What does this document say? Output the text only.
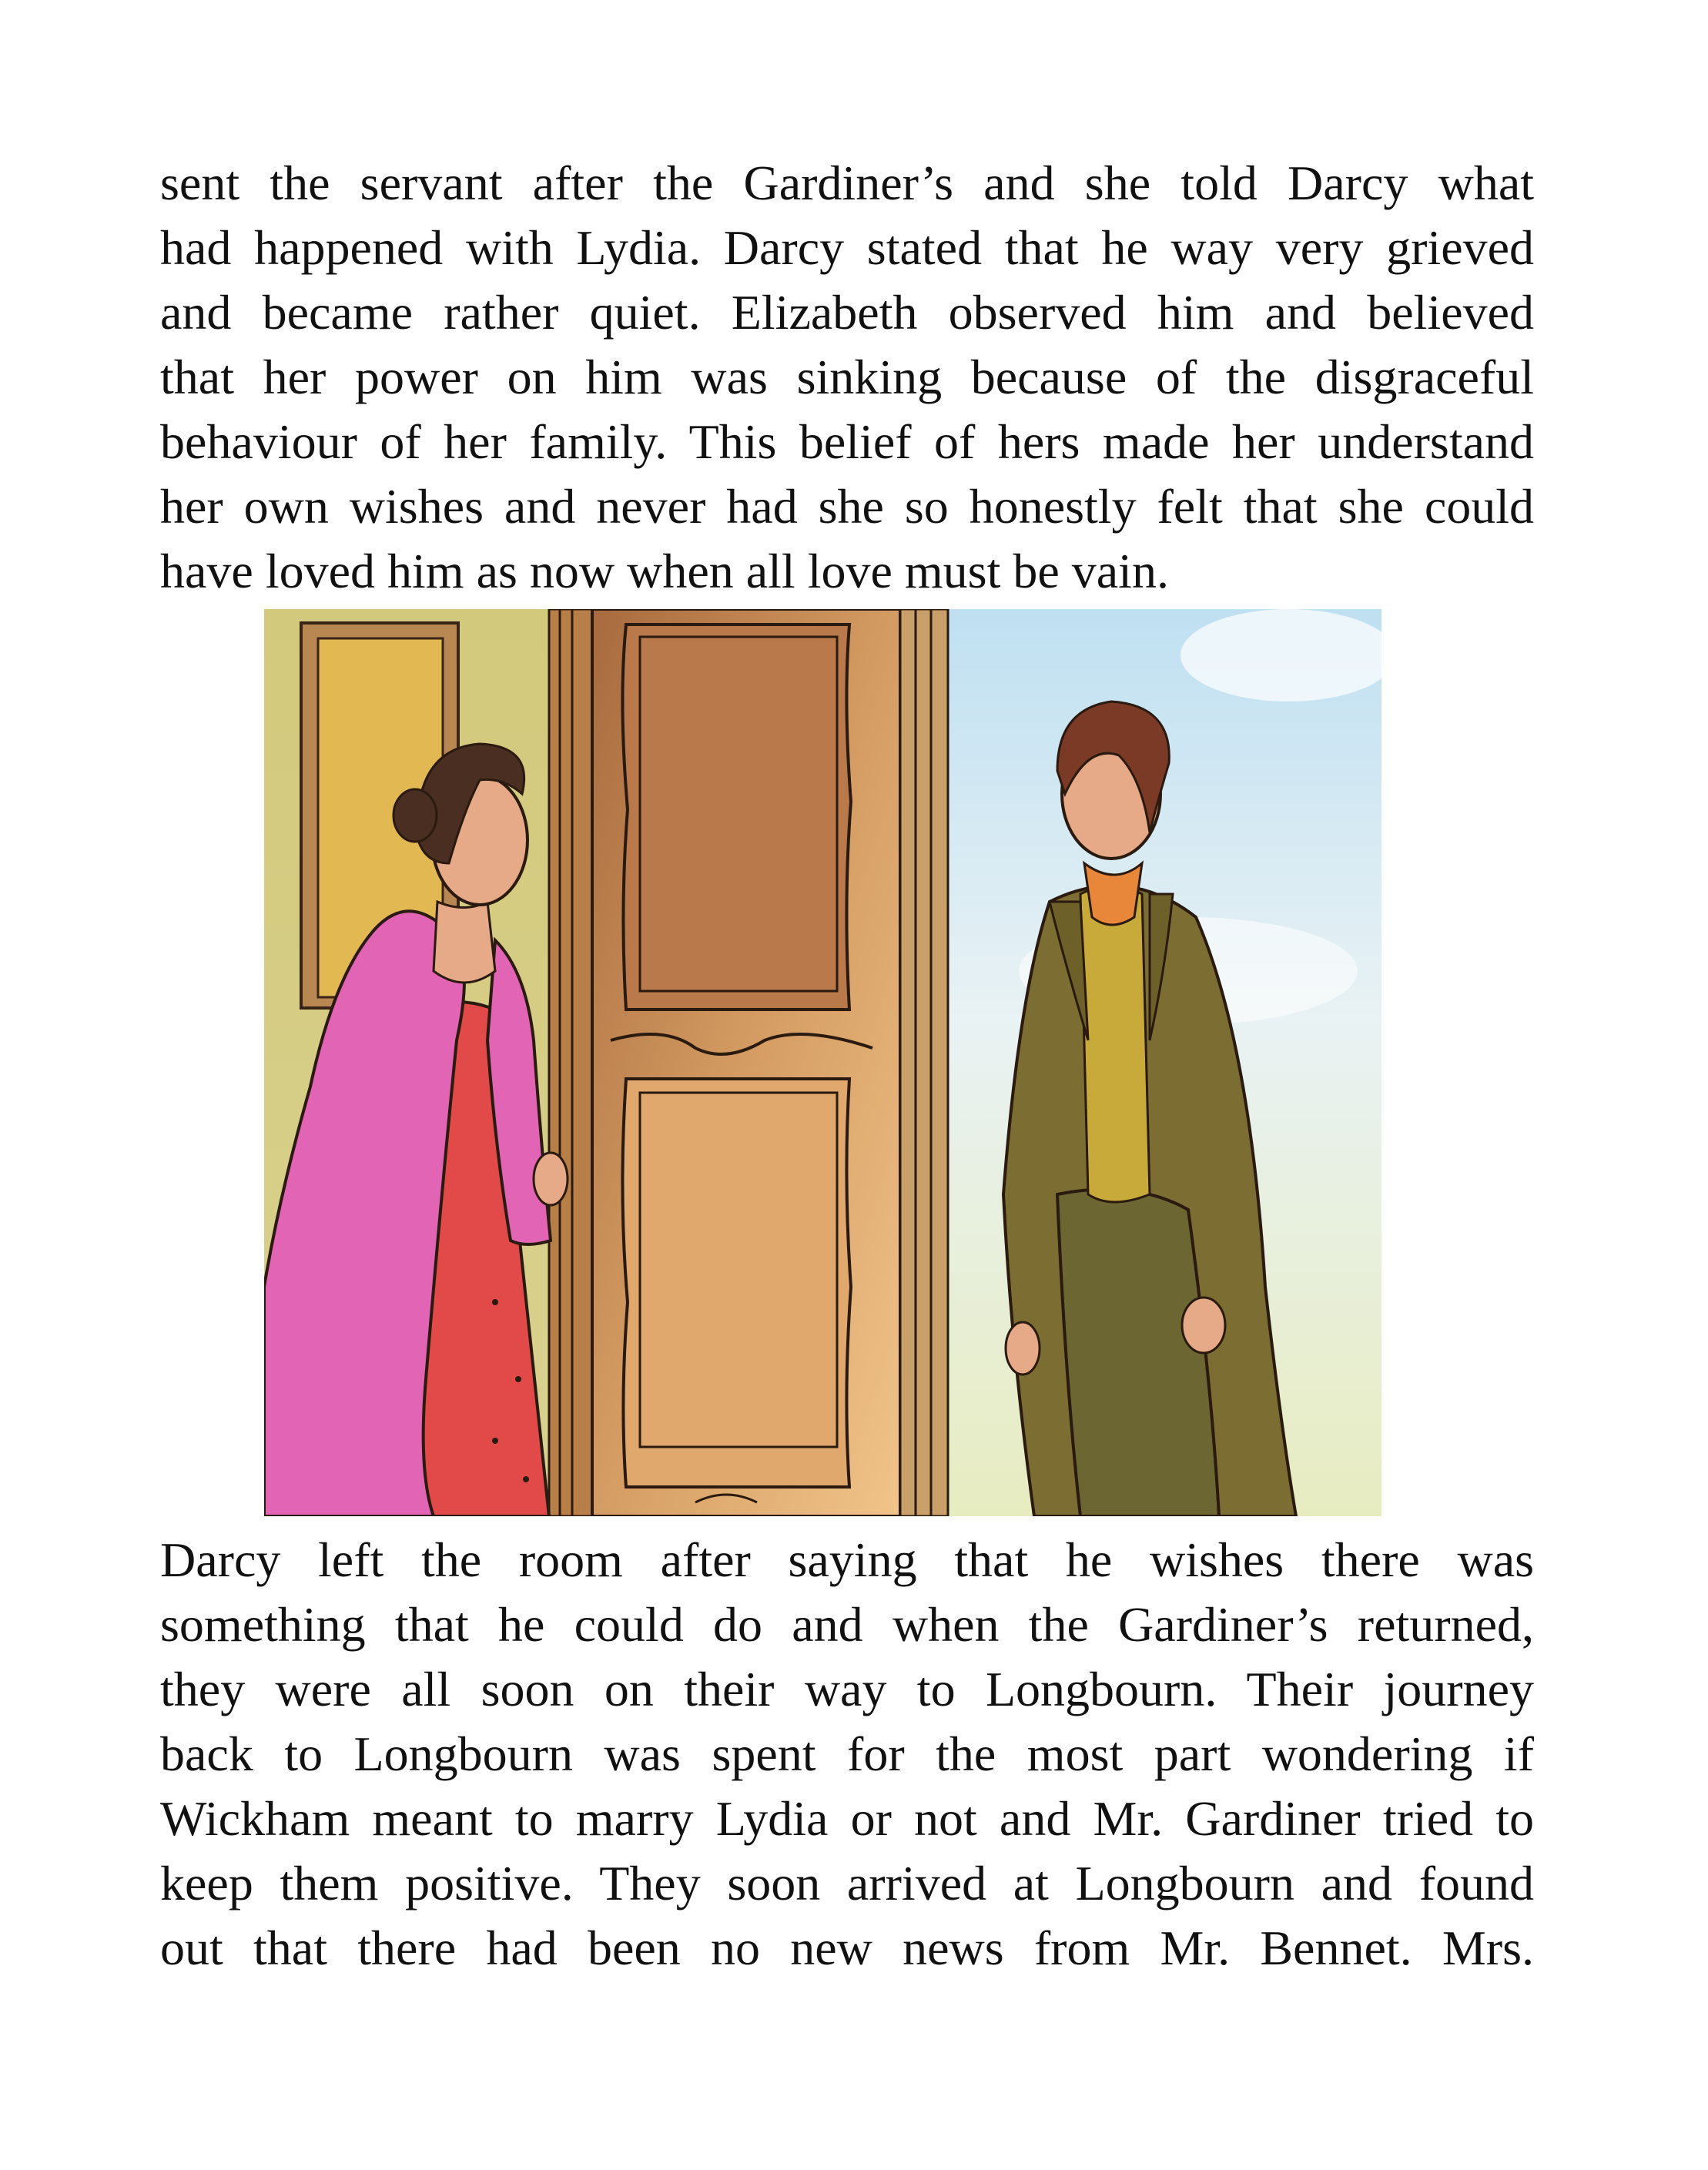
sent the servant after the Gardiner’s and she told Darcy what
had happened with Lydia. Darcy stated that he way very grieved
and became rather quiet. Elizabeth observed him and believed
that her power on him was sinking because of the disgraceful
behaviour of her family. This belief of hers made her understand
her own wishes and never had she so honestly felt that she could
have loved him as now when all love must be vain.
Darcy left the room after saying that he wishes there was
something that he could do and when the Gardiner’s returned,
they were all soon on their way to Longbourn. Their journey
back to Longbourn was spent for the most part wondering if
Wickham meant to marry Lydia or not and Mr. Gardiner tried to
keep them positive. They soon arrived at Longbourn and found
out that there had been no new news from Mr. Bennet. Mrs.
